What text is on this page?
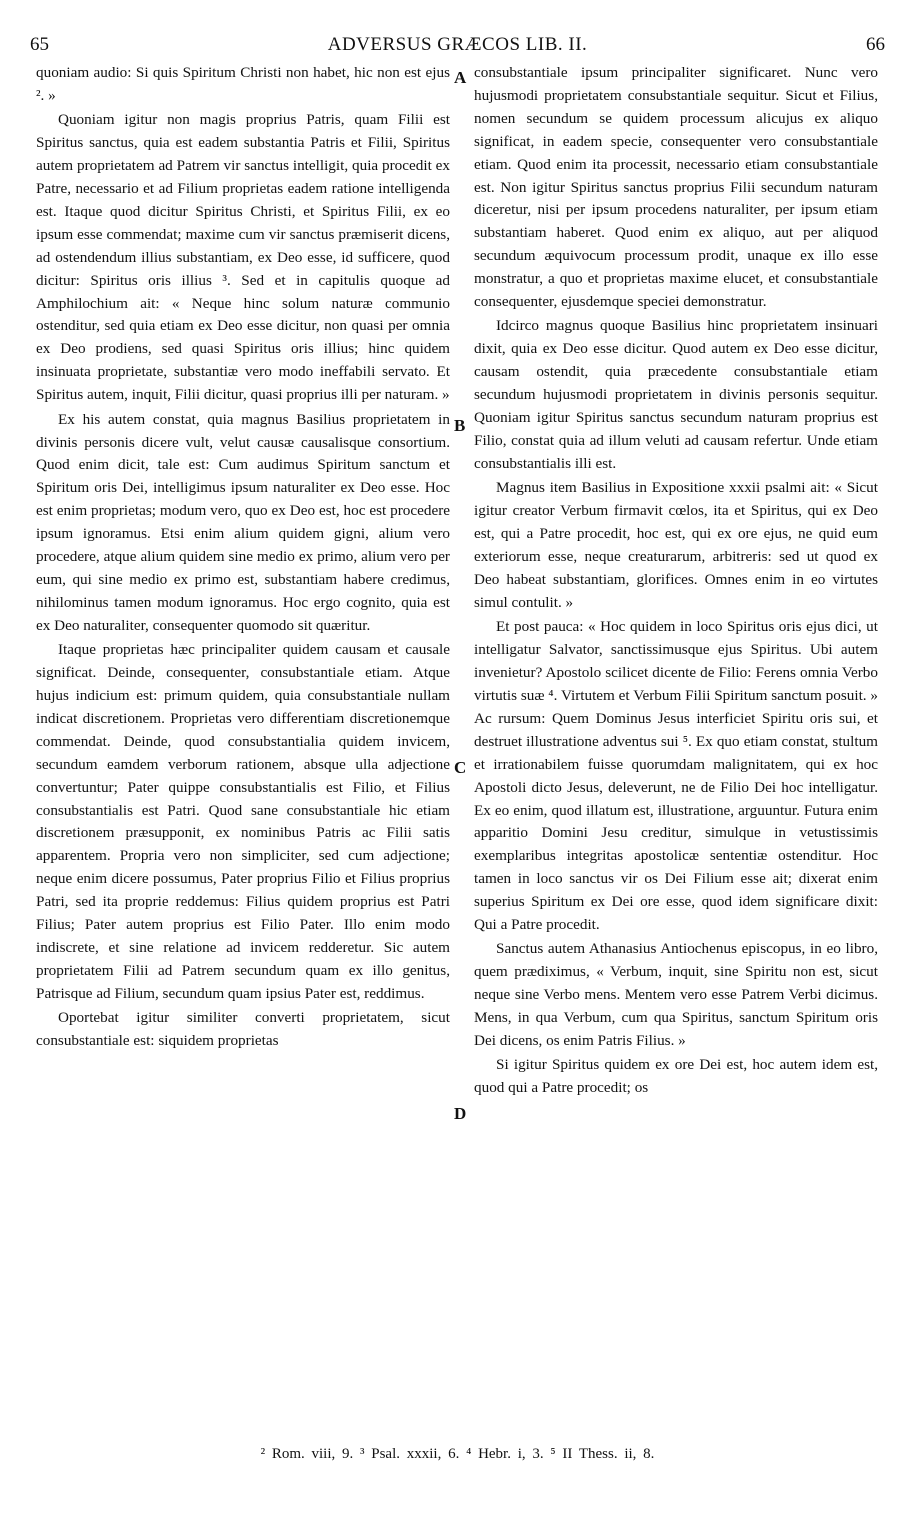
65	ADVERSUS GRÆCOS LIB. II.	66

quoniam audio: Si quis Spiritum Christi non habet, hic non est ejus ². »

Quoniam igitur non magis proprius Patris, quam Filii est Spiritus sanctus, quia est eadem substantia Patris et Filii, Spiritus autem proprietatem ad Patrem vir sanctus intelligit, quia procedit ex Patre, necessario et ad Filium proprietas eadem ratione intelligenda est. Itaque quod dicitur Spiritus Christi, et Spiritus Filii, ex eo ipsum esse commendat; maxime cum vir sanctus præmiserit dicens, ad ostendendum illius substantiam, ex Deo esse, id sufficere, quod dicitur: Spiritus oris illius ³. Sed et in capitulis quoque ad Amphilochium ait: « Neque hinc solum naturæ communio ostenditur, sed quia etiam ex Deo esse dicitur, non quasi per omnia ex Deo prodiens, sed quasi Spiritus oris illius; hinc quidem insinuata proprietate, substantiæ vero modo ineffabili servato. Et Spiritus autem, inquit, Filii dicitur, quasi proprius illi per naturam. »

Ex his autem constat, quia magnus Basilius proprietatem in divinis personis dicere vult, velut causæ causalisque consortium. Quod enim dicit, tale est: Cum audimus Spiritum sanctum et Spiritum oris Dei, intelligimus ipsum naturaliter ex Deo esse. Hoc est enim proprietas; modum vero, quo ex Deo est, hoc est procedere ipsum ignoramus. Etsi enim alium quidem gigni, alium vero procedere, atque alium quidem sine medio ex primo, alium vero per eum, qui sine medio ex primo est, substantiam habere credimus, nihilominus tamen modum ignoramus. Hoc ergo cognito, quia est ex Deo naturaliter, consequenter quomodo sit quæritur.

Itaque proprietas hæc principaliter quidem causam et causale significat. Deinde, consequenter, consubstantiale etiam. Atque hujus indicium est: primum quidem, quia consubstantiale nullam indicat discretionem. Proprietas vero differentiam discretionemque commendat. Deinde, quod consubstantialia quidem invicem, secundum eamdem verborum rationem, absque ulla adjectione convertuntur; Pater quippe consubstantialis est Filio, et Filius consubstantialis est Patri. Quod sane consubstantiale hic etiam discretionem præsupponit, ex nominibus Patris ac Filii satis apparentem. Propria vero non simpliciter, sed cum adjectione; neque enim dicere possumus, Pater proprius Filio et Filius proprius Patri, sed ita proprie reddemus: Filius quidem proprius est Patri Filius; Pater autem proprius est Filio Pater. Illo enim modo indiscrete, et sine relatione ad invicem redderetur. Sic autem proprietatem Filii ad Patrem secundum quam ex illo genitus, Patrisque ad Filium, secundum quam ipsius Pater est, reddimus.

Oportebat igitur similiter converti proprietatem, sicut consubstantiale est: siquidem proprietas

A
B
C
D

consubstantiale ipsum principaliter significaret. Nunc vero hujusmodi proprietatem consubstantiale sequitur. Sicut et Filius, nomen secundum se quidem processum alicujus ex aliquo significat, in eadem specie, consequenter vero consubstantiale etiam. Quod enim ita processit, necessario etiam consubstantiale est. Non igitur Spiritus sanctus proprius Filii secundum naturam diceretur, nisi per ipsum procedens naturaliter, per ipsum etiam substantiam haberet. Quod enim ex aliquo, aut per aliquod secundum æquivocum processum prodit, unaque ex illo esse monstratur, a quo et proprietas maxime elucet, et consubstantiale consequenter, ejusdemque speciei demonstratur.

Idcirco magnus quoque Basilius hinc proprietatem insinuari dixit, quia ex Deo esse dicitur. Quod autem ex Deo esse dicitur, causam ostendit, quia præcedente consubstantiale etiam secundum hujusmodi proprietatem in divinis personis sequitur. Quoniam igitur Spiritus sanctus secundum naturam proprius est Filio, constat quia ad illum veluti ad causam refertur. Unde etiam consubstantialis illi est.

Magnus item Basilius in Expositione xxxii psalmi ait: « Sicut igitur creator Verbum firmavit cœlos, ita et Spiritus, qui ex Deo est, qui a Patre procedit, hoc est, qui ex ore ejus, ne quid eum exteriorum esse, neque creaturarum, arbitreris: sed ut quod ex Deo habeat substantiam, glorifices. Omnes enim in eo virtutes simul contulit. »

Et post pauca: « Hoc quidem in loco Spiritus oris ejus dici, ut intelligatur Salvator, sanctissimusque ejus Spiritus. Ubi autem invenietur? Apostolo scilicet dicente de Filio: Ferens omnia Verbo virtutis suæ ⁴. Virtutem et Verbum Filii Spiritum sanctum posuit. » Ac rursum: Quem Dominus Jesus interficiet Spiritu oris sui, et destruet illustratione adventus sui ⁵. Ex quo etiam constat, stultum et irrationabilem fuisse quorumdam malignitatem, qui ex hoc Apostoli dicto Jesus, deleverunt, ne de Filio Dei hoc intelligatur. Ex eo enim, quod illatum est, illustratione, arguuntur. Futura enim apparitio Domini Jesu creditur, simulque in vetustissimis exemplaribus integritas apostolicæ sententiæ ostenditur. Hoc tamen in loco sanctus vir os Dei Filium esse ait; dixerat enim superius Spiritum ex Dei ore esse, quod idem significare dixit: Qui a Patre procedit.

Sanctus autem Athanasius Antiochenus episcopus, in eo libro, quem prædiximus, « Verbum, inquit, sine Spiritu non est, sicut neque sine Verbo mens. Mentem vero esse Patrem Verbi dicimus. Mens, in qua Verbum, cum qua Spiritus, sanctum Spiritum oris Dei dicens, os enim Patris Filius. »

Si igitur Spiritus quidem ex ore Dei est, hoc autem idem est, quod qui a Patre procedit; os

² Rom. viii, 9. ³ Psal. xxxii, 6. ⁴ Hebr. i, 3. ⁵ II Thess. ii, 8.
